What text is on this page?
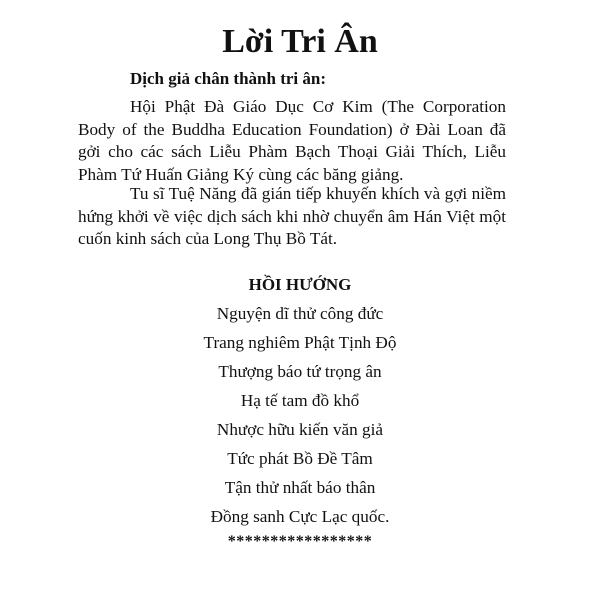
Lời Tri Ân
Dịch giả chân thành tri ân:
Hội Phật Đà Giáo Dục Cơ Kim (The Corporation Body of the Buddha Education Foundation) ở Đài Loan đã gởi cho các sách Liễu Phàm Bạch Thoại Giải Thích, Liễu Phàm Tứ Huấn Giảng Ký cùng các băng giảng.
Tu sĩ Tuệ Năng đã gián tiếp khuyến khích và gợi niềm hứng khởi về việc dịch sách khi nhờ chuyển âm Hán Việt một cuốn kinh sách của Long Thụ Bồ Tát.
HỒI HƯỚNG
Nguyện dĩ thử công đức
Trang nghiêm Phật Tịnh Độ
Thượng báo tứ trọng ân
Hạ tế tam đồ khổ
Nhược hữu kiến văn giả
Tức phát Bồ Đề Tâm
Tận thử nhất báo thân
Đồng sanh Cực Lạc quốc.
*****************
